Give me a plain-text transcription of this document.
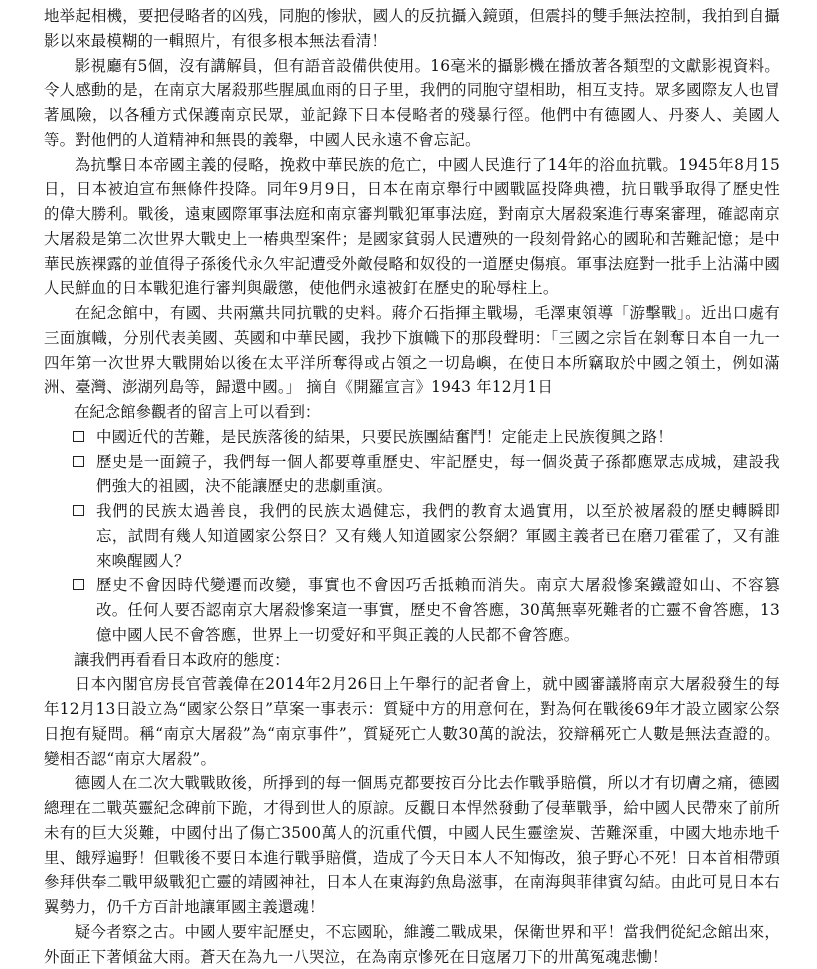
地举起相機，要把侵略者的凶残，同胞的惨狀，國人的反抗攝入鏡頭，但震抖的雙手無法控制，我拍到自攝影以來最模糊的一輯照片，有很多根本無法看清！

影視廳有5個，沒有講解員，但有語音設備供使用。16毫米的攝影機在播放著各類型的文獻影視資料。令人感動的是，在南京大屠殺那些腥風血雨的日子里，我們的同胞守望相助，相互支持。眾多國際友人也冒著風險，以各種方式保護南京民眾，並記錄下日本侵略者的殘暴行徑。他們中有德國人、丹麥人、美國人等。對他們的人道精神和無畏的義舉，中國人民永遠不會忘記。

為抗擊日本帝國主義的侵略，挽救中華民族的危亡，中國人民進行了14年的浴血抗戰。1945年8月15日，日本被迫宣布無條件投降。同年9月9日，日本在南京舉行中國戰區投降典禮，抗日戰爭取得了歷史性的偉大勝利。戰後，遠東國際軍事法庭和南京審判戰犯軍事法庭，對南京大屠殺案進行專案審理，確認南京大屠殺是第二次世界大戰史上一樁典型案件；是國家貧弱人民遭殃的一段刻骨銘心的國恥和苦難記憶；是中華民族裸露的並值得子孫後代永久牢記遭受外敵侵略和奴役的一道歷史傷痕。軍事法庭對一批手上沾滿中國人民鮮血的日本戰犯進行審判與嚴懲，使他們永遠被釘在歷史的恥辱柱上。

在紀念館中，有國、共兩黨共同抗戰的史料。蔣介石指揮主戰場，毛澤東領導「游擊戰」。近出口處有三面旗幟，分別代表美國、英國和中華民國，我抄下旗幟下的那段聲明：「三國之宗旨在剝奪日本自一九一四年第一次世界大戰開始以後在太平洋所奪得或占領之一切島嶼，在使日本所竊取於中國之領土，例如滿洲、臺灣、澎湖列島等，歸還中國。」 摘自《開羅宣言》1943 年12月1日

在紀念館參觀者的留言上可以看到：

中國近代的苦難，是民族落後的結果，只要民族團結奮鬥！定能走上民族復興之路！
歷史是一面鏡子，我們每一個人都要尊重歷史、牢記歷史，每一個炎黃子孫都應眾志成城，建設我們強大的祖國，決不能讓歷史的悲劇重演。
我們的民族太過善良，我們的民族太過健忘，我們的教育太過實用，以至於被屠殺的歷史轉瞬即忘，試問有幾人知道國家公祭日？又有幾人知道國家公祭網？軍國主義者已在磨刀霍霍了，又有誰來喚醒國人？
歷史不會因時代變遷而改變，事實也不會因巧舌抵賴而消失。南京大屠殺慘案鐵證如山、不容篡改。任何人要否認南京大屠殺慘案這一事實，歷史不會答應，30萬無辜死難者的亡靈不會答應，13億中國人民不會答應，世界上一切愛好和平與正義的人民都不會答應。

讓我們再看看日本政府的態度：

日本內閣官房長官菅義偉在2014年2月26日上午舉行的記者會上，就中國審議將南京大屠殺發生的每年12月13日設立為“國家公祭日”草案一事表示：質疑中方的用意何在，對為何在戰後69年才設立國家公祭日抱有疑問。稱“南京大屠殺”為“南京事件”，質疑死亡人數30萬的說法，狡辯稱死亡人數是無法查證的。變相否認“南京大屠殺”。

德國人在二次大戰戰敗後，所掙到的每一個馬克都要按百分比去作戰爭賠償，所以才有切膚之痛，德國總理在二戰英靈紀念碑前下跪，才得到世人的原諒。反觀日本悍然發動了侵華戰爭，給中國人民帶來了前所未有的巨大災難，中國付出了傷亡3500萬人的沉重代價，中國人民生靈塗炭、苦難深重，中國大地赤地千里、餓殍遍野！但戰後不要日本進行戰爭賠償，造成了今天日本人不知悔改，狼子野心不死！日本首相帶頭參拜供奉二戰甲級戰犯亡靈的靖國神社，日本人在東海釣魚島滋事，在南海與菲律賓勾結。由此可見日本右翼勢力，仍千方百計地讓軍國主義還魂！

疑今者察之古。中國人要牢記歷史，不忘國恥，維護二戰成果，保衛世界和平！當我們從紀念館出來，外面正下著傾盆大雨。蒼天在為九一八哭泣，在為南京慘死在日寇屠刀下的卅萬冤魂悲慟！
